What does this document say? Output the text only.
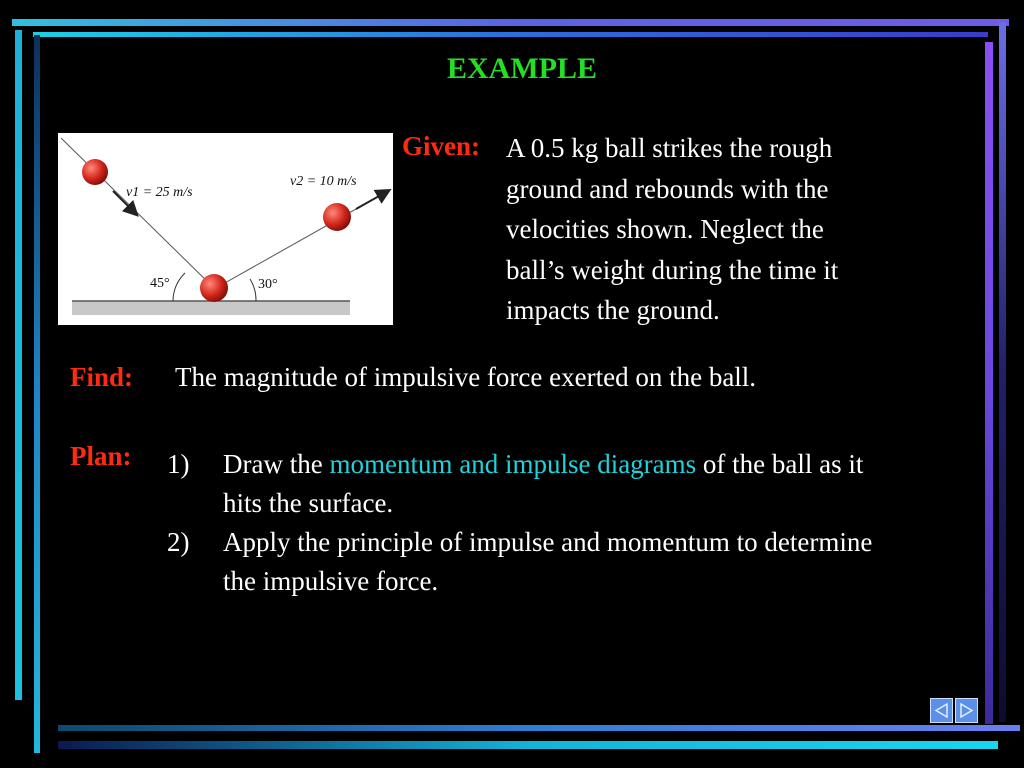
EXAMPLE
v1 = 25 m/s
v2 = 10 m/s
45°	30°
Given: A 0.5 kg ball strikes the rough
ground and rebounds with the
velocities shown. Neglect the
ball’s weight during the time it
impacts the ground.
Find: The magnitude of impulsive force exerted on the ball.
Plan: 1) Draw the momentum and impulse diagrams of the ball as it hits the surface.
2) Apply the principle of impulse and momentum to determine the impulsive force.
